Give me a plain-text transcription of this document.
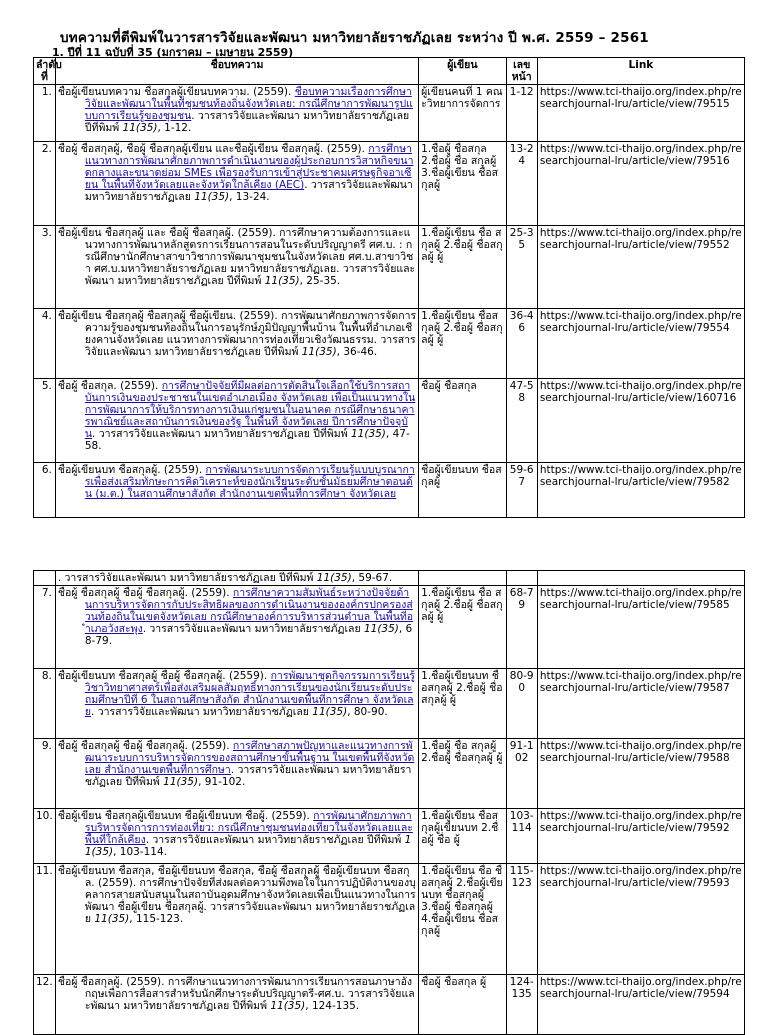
บทความที่ตีพิมพ์ในวารสารวิจัยและพัฒนา มหาวิทยาลัยราชภัฏเลย ระหว่าง ปี พ.ศ. 2559 – 2561
1. ปีที่ 11 ฉบับที่ 35 (มกราคม – เมษายน 2559)
ลำดับที่	ชื่อบทความ	ผู้เขียน	เลขหน้า	Link
1.	ชื่อผู้เขียนบทความ ชื่อสกุลผู้เขียนบทความ. (2559). ชื่อบทความเรื่องการศึกษาวิจัยและพัฒนาในพื้นที่ชุมชนท้องถิ่นจังหวัดเลย: กรณีศึกษาการพัฒนารูปแบบการเรียนรู้ของชุมชน. วารสารวิจัยและพัฒนา มหาวิทยาลัยราชภัฏเลย ปีที่พิมพ์ 11(35), 1-12.	ผู้เขียนคนที่ 1 คณะวิทยาการจัดการ	1-12	https://www.tci-thaijo.org/index.php/researchjournal-lru/article/view/79515

2.	ชื่อผู้ ชื่อสกุลผู้, ชื่อผู้ ชื่อสกุลผู้เขียน และชื่อผู้เขียน ชื่อสกุลผู้. (2559). การศึกษาแนวทางการพัฒนาศักยภาพการดำเนินงานของผู้ประกอบการวิสาหกิจขนาดกลางและขนาดย่อม SMEs เพื่อรองรับการเข้าสู่ประชาคมเศรษฐกิจอาเซียน ในพื้นที่จังหวัดเลยและจังหวัดใกล้เคียง (AEC). วารสารวิจัยและพัฒนา มหาวิทยาลัยราชภัฏเลย 11(35), 13-24.	1.ชื่อผู้ ชื่อสกุล 2.ชื่อผู้ ชื่อ สกุลผู้ 3.ชื่อผู้เขียน ชื่อสกุลผู้	13-24	https://www.tci-thaijo.org/index.php/researchjournal-lru/article/view/79516

3.	ชื่อผู้เขียน ชื่อสกุลผู้ และ ชื่อผู้ ชื่อสกุลผู้. (2559). การศึกษาความต้องการและแนวทางการพัฒนาหลักสูตรการเรียนการสอนในระดับปริญญาตรี ศศ.บ. : กรณีศึกษานักศึกษาสาขาวิชาการพัฒนาชุมชนในจังหวัดเลย ศศ.บ.สาขาวิชา ศศ.บ.มหาวิทยาลัยราชภัฏเลย มหาวิทยาลัยราชภัฏเลย. วารสารวิจัยและพัฒนา มหาวิทยาลัยราชภัฏเลย ปีที่พิมพ์ 11(35), 25-35.	1.ชื่อผู้เขียน ชื่อ สกุลผู้ 2.ชื่อผู้ ชื่อสกุลผู้ ผู้	25-35	https://www.tci-thaijo.org/index.php/researchjournal-lru/article/view/79552

4.	ชื่อผู้เขียน ชื่อสกุลผู้ ชื่อสกุลผู้ ชื่อผู้เขียน. (2559). การพัฒนาศักยภาพการจัดการความรู้ของชุมชนท้องถิ่นในการอนุรักษ์ภูมิปัญญาพื้นบ้าน ในพื้นที่อำเภอเชียงคานจังหวัดเลย แนวทางการพัฒนาการท่องเที่ยวเชิงวัฒนธรรม. วารสารวิจัยและพัฒนา มหาวิทยาลัยราชภัฏเลย ปีที่พิมพ์ 11(35), 36-46.	1.ชื่อผู้เขียน ชื่อสกุลผู้ 2.ชื่อผู้ ชื่อสกุลผู้ ผู้	36-46	https://www.tci-thaijo.org/index.php/researchjournal-lru/article/view/79554

5.	ชื่อผู้ ชื่อสกุล. (2559). การศึกษาปัจจัยที่มีผลต่อการตัดสินใจเลือกใช้บริการสถาบันการเงินของประชาชนในเขตอำเภอเมือง จังหวัดเลย เพื่อเป็นแนวทางในการพัฒนาการให้บริการทางการเงินแก่ชุมชนในอนาคต กรณีศึกษาธนาคารพาณิชย์และสถาบันการเงินของรัฐ ในพื้นที่ จังหวัดเลย ปีการศึกษาปัจจุบัน. วารสารวิจัยและพัฒนา มหาวิทยาลัยราชภัฏเลย ปีที่พิมพ์ 11(35), 47-58.	ชื่อผู้ ชื่อสกุล	47-58	https://www.tci-thaijo.org/index.php/researchjournal-lru/article/view/160716

6.	ชื่อผู้เขียนบท ชื่อสกุลผู้. (2559). การพัฒนาระบบการจัดการเรียนรู้แบบบูรณาการเพื่อส่งเสริมทักษะการคิดวิเคราะห์ของนักเรียนระดับชั้นมัธยมศึกษาตอนต้น (ม.ต.) ในสถานศึกษาสังกัด สำนักงานเขตพื้นที่การศึกษา จังหวัดเลย	ชื่อผู้เขียนบท ชื่อสกุลผู้	59-67	https://www.tci-thaijo.org/index.php/researchjournal-lru/article/view/79582

	. วารสารวิจัยและพัฒนา มหาวิทยาลัยราชภัฏเลย ปีที่พิมพ์ 11(35), 59-67.			

7.	ชื่อผู้ ชื่อสกุลผู้ ชื่อผู้ ชื่อสกุลผู้. (2559). การศึกษาความสัมพันธ์ระหว่างปัจจัยด้านการบริหารจัดการกับประสิทธิผลของการดำเนินงานขององค์กรปกครองส่วนท้องถิ่นในเขตจังหวัดเลย กรณีศึกษาองค์การบริหารส่วนตำบล ในพื้นที่อำเภอวังสะพุง. วารสารวิจัยและพัฒนา มหาวิทยาลัยราชภัฏเลย 11(35), 68-79.	1.ชื่อผู้เขียน ชื่อ สกุลผู้ 2.ชื่อผู้ ชื่อสกุลผู้ ผู้	68-79	https://www.tci-thaijo.org/index.php/researchjournal-lru/article/view/79585

8.	ชื่อผู้เขียนบท ชื่อสกุลผู้ ชื่อผู้ ชื่อสกุลผู้. (2559). การพัฒนาชุดกิจกรรมการเรียนรู้วิชาวิทยาศาสตร์เพื่อส่งเสริมผลสัมฤทธิ์ทางการเรียนของนักเรียนระดับประถมศึกษาปีที่ 6 ในสถานศึกษาสังกัด สำนักงานเขตพื้นที่การศึกษา จังหวัดเลย. วารสารวิจัยและพัฒนา มหาวิทยาลัยราชภัฏเลย 11(35), 80-90.	1.ชื่อผู้เขียนบท ชื่อสกุลผู้ 2.ชื่อผู้ ชื่อสกุลผู้ ผู้	80-90	https://www.tci-thaijo.org/index.php/researchjournal-lru/article/view/79587

9.	ชื่อผู้ ชื่อสกุลผู้ ชื่อผู้ ชื่อสกุลผู้. (2559). การศึกษาสภาพปัญหาและแนวทางการพัฒนาระบบการบริหารจัดการของสถานศึกษาขั้นพื้นฐาน ในเขตพื้นที่จังหวัดเลย สำนักงานเขตพื้นที่การศึกษา. วารสารวิจัยและพัฒนา มหาวิทยาลัยราชภัฏเลย ปีที่พิมพ์ 11(35), 91-102.	1.ชื่อผู้ ชื่อ สกุลผู้ 2.ชื่อผู้ ชื่อสกุลผู้ ผู้	91-102	https://www.tci-thaijo.org/index.php/researchjournal-lru/article/view/79588

10.	ชื่อผู้เขียน ชื่อสกุลผู้เขียนบท ชื่อผู้เขียนบท ชื่อผู้. (2559). การพัฒนาศักยภาพการบริหารจัดการการท่องเที่ยว: กรณีศึกษาชุมชนท่องเที่ยวในจังหวัดเลยและพื้นที่ใกล้เคียง. วารสารวิจัยและพัฒนา มหาวิทยาลัยราชภัฏเลย ปีที่พิมพ์ 11(35), 103-114.	1.ชื่อผู้เขียน ชื่อสกุลผู้เขียนบท 2.ชื่อผู้ ชื่อ ผู้	103-114	https://www.tci-thaijo.org/index.php/researchjournal-lru/article/view/79592

11.	ชื่อผู้เขียนบท ชื่อสกุล, ชื่อผู้เขียนบท ชื่อสกุล, ชื่อผู้ ชื่อสกุลผู้ ชื่อผู้เขียนบท ชื่อสกุล. (2559). การศึกษาปัจจัยที่ส่งผลต่อความพึงพอใจในการปฏิบัติงานของบุคลากรสายสนับสนุนในสถาบันอุดมศึกษาจังหวัดเลยเพื่อเป็นแนวทางในการพัฒนา ชื่อผู้เขียน ชื่อสกุลผู้. วารสารวิจัยและพัฒนา มหาวิทยาลัยราชภัฏเลย 11(35), 115-123.	1.ชื่อผู้เขียน ชื่อ ชื่อสกุลผู้ 2.ชื่อผู้เขียนบท ชื่อสกุลผู้ 3.ชื่อผู้ ชื่อสกุลผู้ 4.ชื่อผู้เขียน ชื่อสกุลผู้	115-123	https://www.tci-thaijo.org/index.php/researchjournal-lru/article/view/79593

12.	ชื่อผู้ ชื่อสกุลผู้. (2559). การศึกษาแนวทางการพัฒนาการเรียนการสอนภาษาอังกฤษเพื่อการสื่อสารสำหรับนักศึกษาระดับปริญญาตรี-ศศ.บ. วารสารวิจัยและพัฒนา มหาวิทยาลัยราชภัฏเลย ปีที่พิมพ์ 11(35), 124-135.	ชื่อผู้ ชื่อสกุล ผู้	124-135	https://www.tci-thaijo.org/index.php/researchjournal-lru/article/view/79594
